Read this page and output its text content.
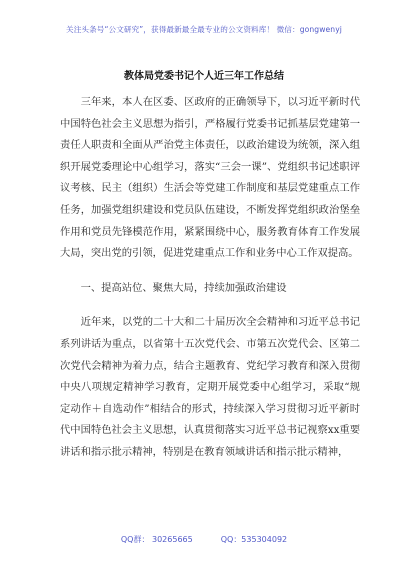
关注头条号“公文研究”，获得最新最全最专业的公文资料库！ 微信：gongwenyj
教体局党委书记个人近三年工作总结

三年来，本人在区委、区政府的正确领导下，以习近平新时代中国特色社会主义思想为指引，严格履行党委书记抓基层党建第一责任人职责和全面从严治党主体责任，以政治建设为统领，深入组织开展党委理论中心组学习，落实“三会一课”、党组织书记述职评议考核、民主（组织）生活会等党建工作制度和基层党建重点工作任务，加强党组织建设和党员队伍建设，不断发挥党组织政治堡垒作用和党员先锋模范作用，紧紧围绕中心，服务教育体育工作发展大局，突出党的引领，促进党建重点工作和业务中心工作双提高。

一、提高站位、聚焦大局，持续加强政治建设

近年来，以党的二十大和二十届历次全会精神和习近平总书记系列讲话为重点，以省第十五次党代会、市第五次党代会、区第二次党代会精神为着力点，结合主题教育、党纪学习教育和深入贯彻中央八项规定精神学习教育，定期开展党委中心组学习，采取“规定动作＋自选动作”相结合的形式，持续深入学习贯彻习近平新时代中国特色社会主义思想，认真贯彻落实习近平总书记视察xx重要讲话和指示批示精神，特别是在教育领域讲话和指示批示精神，

QQ群： 30265665	QQ：535304092
